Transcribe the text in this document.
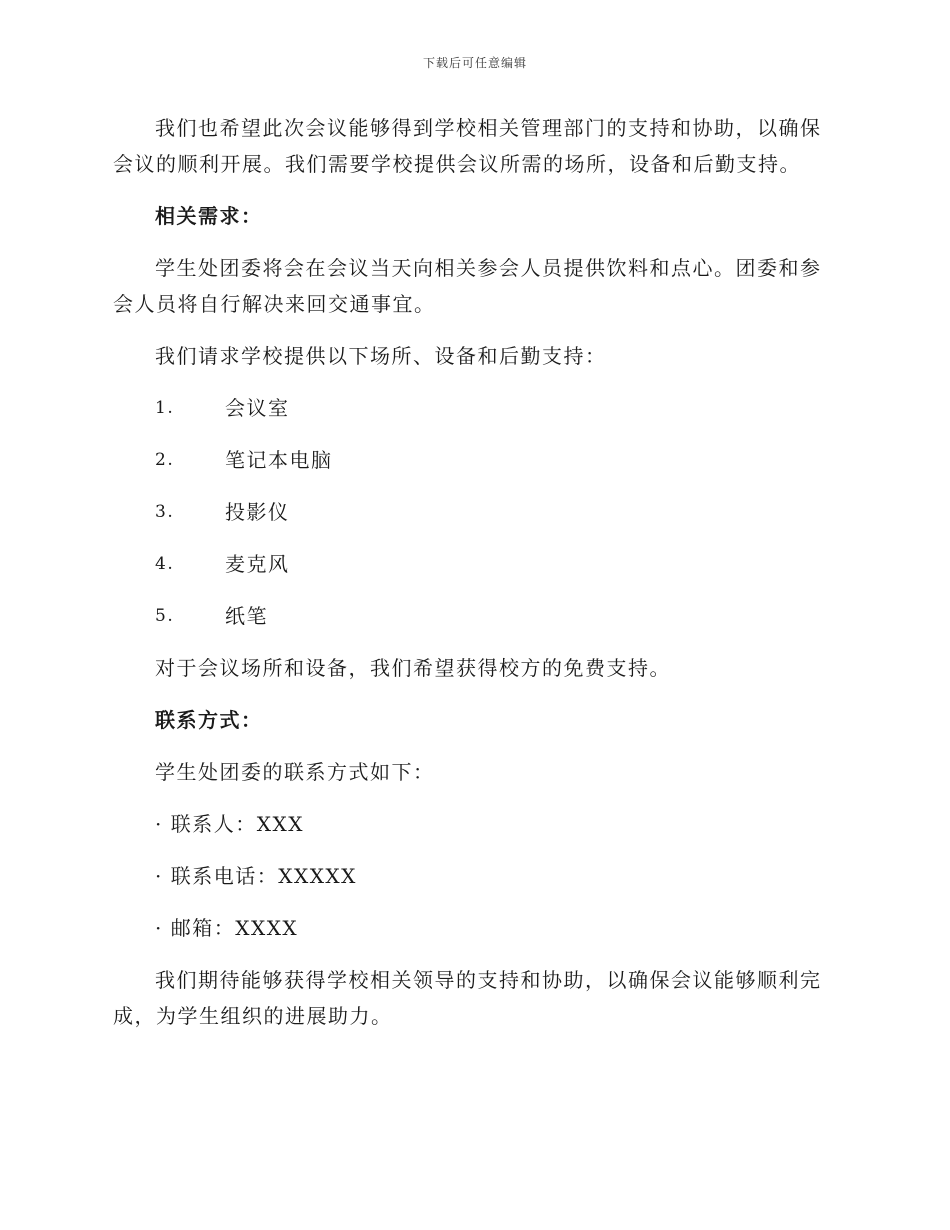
下载后可任意编辑

我们也希望此次会议能够得到学校相关管理部门的支持和协助，以确保会议的顺利开展。我们需要学校提供会议所需的场所，设备和后勤支持。

相关需求：

学生处团委将会在会议当天向相关参会人员提供饮料和点心。团委和参会人员将自行解决来回交通事宜。

我们请求学校提供以下场所、设备和后勤支持：

1.	会议室
2.	笔记本电脑
3.	投影仪
4.	麦克风
5.	纸笔

对于会议场所和设备，我们希望获得校方的免费支持。

联系方式：

学生处团委的联系方式如下：

· 联系人：XXX

· 联系电话：XXXXX

· 邮箱：XXXX

我们期待能够获得学校相关领导的支持和协助，以确保会议能够顺利完成，为学生组织的进展助力。
